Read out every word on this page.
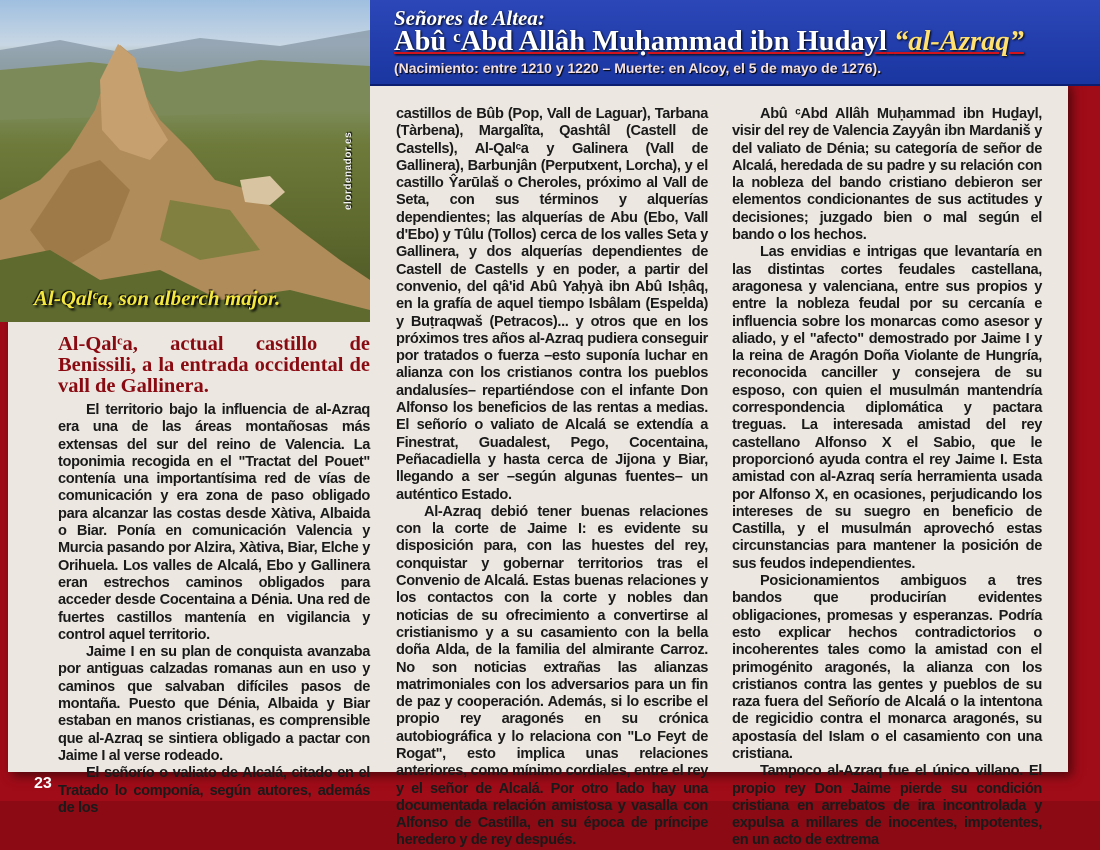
Al-Qalᶜa, son alberch major.
elordenador.es
Señores de Altea:
Abû ᶜAbd Allâh Muḥammad ibn Hudayl “al-Azraq”
(Nacimiento: entre 1210 y 1220 – Muerte: en Alcoy, el 5 de mayo de 1276).
Al-Qalᶜa, actual castillo de Benissili, a la entrada occidental de vall de Gallinera.

El territorio bajo la influencia de al-Azraq era una de las áreas montañosas más extensas del sur del reino de Valencia. La toponimia recogida en el "Tractat del Pouet" contenía una importantísima red de vías de comunicación y era zona de paso obligado para alcanzar las costas desde Xàtiva, Albaida o Biar. Ponía en comunicación Valencia y Murcia pasando por Alzira, Xàtiva, Biar, Elche y Orihuela. Los valles de Alcalá, Ebo y Gallinera eran estrechos caminos obligados para acceder desde Cocentaina a Dénia. Una red de fuertes castillos mantenía en vigilancia y control aquel territorio.

Jaime I en su plan de conquista avanzaba por antiguas calzadas romanas aun en uso y caminos que salvaban difíciles pasos de montaña. Puesto que Dénia, Albaida y Biar estaban en manos cristianas, es comprensible que al-Azraq se sintiera obligado a pactar con Jaime I al verse rodeado.

El señorío o valiato de Alcalá, citado en el Tratado lo componía, según autores, además de los

castillos de Bûb (Pop, Vall de Laguar), Tarbana (Tàrbena), Margalîta, Qashtâl (Castell de Castells), Al-Qalᶜa y Galinera (Vall de Gallinera), Barbunjân (Perputxent, Lorcha), y el castillo Ŷarūlaš o Cheroles, próximo al Vall de Seta, con sus términos y alquerías dependientes; las alquerías de Abu (Ebo, Vall d'Ebo) y Tûlu (Tollos) cerca de los valles Seta y Gallinera, y dos alquerías dependientes de Castell de Castells y en poder, a partir del convenio, del qâ'id Abû Yaḥyà ibn Abû Isḥâq, en la grafía de aquel tiempo Isbâlam (Espelda) y Buṭraqwaš (Petracos)... y otros que en los próximos tres años al-Azraq pudiera conseguir por tratados o fuerza –esto suponía luchar en alianza con los cristianos contra los pueblos andalusíes– repartiéndose con el infante Don Alfonso los beneficios de las rentas a medias. El señorío o valiato de Alcalá se extendía a Finestrat, Guadalest, Pego, Cocentaina, Peñacadiella y hasta cerca de Jijona y Biar, llegando a ser –según algunas fuentes– un auténtico Estado.

Al-Azraq debió tener buenas relaciones con la corte de Jaime I: es evidente su disposición para, con las huestes del rey, conquistar y gobernar territorios tras el Convenio de Alcalá. Estas buenas relaciones y los contactos con la corte y nobles dan noticias de su ofrecimiento a convertirse al cristianismo y a su casamiento con la bella doña Alda, de la familia del almirante Carroz. No son noticias extrañas las alianzas matrimoniales con los adversarios para un fin de paz y cooperación. Además, si lo escribe el propio rey aragonés en su crónica autobiográfica y lo relaciona con "Lo Feyt de Rogat", esto implica unas relaciones anteriores, como mínimo cordiales, entre el rey y el señor de Alcalá. Por otro lado hay una documentada relación amistosa y vasalla con Alfonso de Castilla, en su época de príncipe heredero y de rey después.

Abû ᶜAbd Allâh Muḥammad ibn Huḏayl, visir del rey de Valencia Zayyân ibn Mardaniš y del valiato de Dénia; su categoría de señor de Alcalá, heredada de su padre y su relación con la nobleza del bando cristiano debieron ser elementos condicionantes de sus actitudes y decisiones; juzgado bien o mal según el bando o los hechos.

Las envidias e intrigas que levantaría en las distintas cortes feudales castellana, aragonesa y valenciana, entre sus propios y entre la nobleza feudal por su cercanía e influencia sobre los monarcas como asesor y aliado, y el "afecto" demostrado por Jaime I y la reina de Aragón Doña Violante de Hungría, reconocida canciller y consejera de su esposo, con quien el musulmán mantendría correspondencia diplomática y pactara treguas. La interesada amistad del rey castellano Alfonso X el Sabio, que le proporcionó ayuda contra el rey Jaime I. Esta amistad con al-Azraq sería herramienta usada por Alfonso X, en ocasiones, perjudicando los intereses de su suegro en beneficio de Castilla, y el musulmán aprovechó estas circunstancias para mantener la posición de sus feudos independientes.

Posicionamientos ambiguos a tres bandos que producirían evidentes obligaciones, promesas y esperanzas. Podría esto explicar hechos contradictorios o incoherentes tales como la amistad con el primogénito aragonés, la alianza con los cristianos contra las gentes y pueblos de su raza fuera del Señorío de Alcalá o la intentona de regicidio contra el monarca aragonés, su apostasía del Islam o el casamiento con una cristiana.

Tampoco al-Azraq fue el único villano. El propio rey Don Jaime pierde su condición cristiana en arrebatos de ira incontrolada y expulsa a millares de inocentes, impotentes, en un acto de extrema

23
